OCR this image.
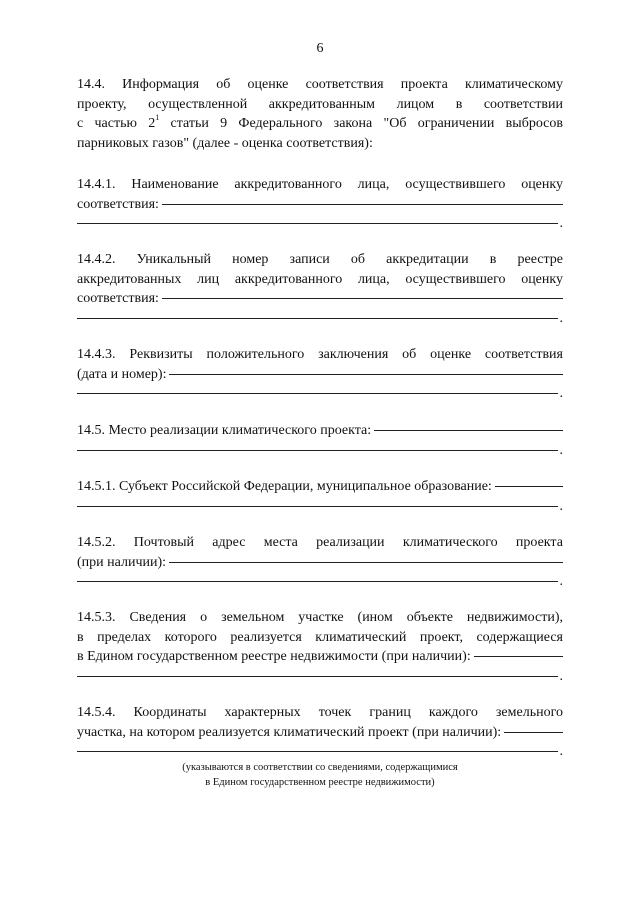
6
14.4. Информация об оценке соответствия проекта климатическому
проекту, осуществленной аккредитованным лицом в соответствии
с частью $2^1$ статьи 9 Федерального закона "Об ограничении выбросов
парниковых газов" (далее - оценка соответствия):
14.4.1. Наименование аккредитованного лица, осуществившего оценку
соответствия:
.
14.4.2. Уникальный номер записи об аккредитации в реестре
аккредитованных лиц аккредитованного лица, осуществившего оценку
соответствия:
.
14.4.3. Реквизиты положительного заключения об оценке соответствия
(дата и номер):
.
14.5.
Место реализации климатического проекта:
.
14.5.1.
Субъект Российской Федерации, муниципальное образование:
.
14.5.2. Почтовый адрес места реализации климатического проекта
(при наличии):
.
14.5.3. Сведения о земельном участке (ином объекте недвижимости),
в пределах которого реализуется климатический проект, содержащиеся
в Едином государственном реестре недвижимости (при наличии):
.
14.5.4. Координаты характерных точек границ каждого земельного
участка, на котором реализуется климатический проект (при наличии):
.
(указываются в соответствии со сведениями, содержащимися
в Едином государственном реестре недвижимости)
